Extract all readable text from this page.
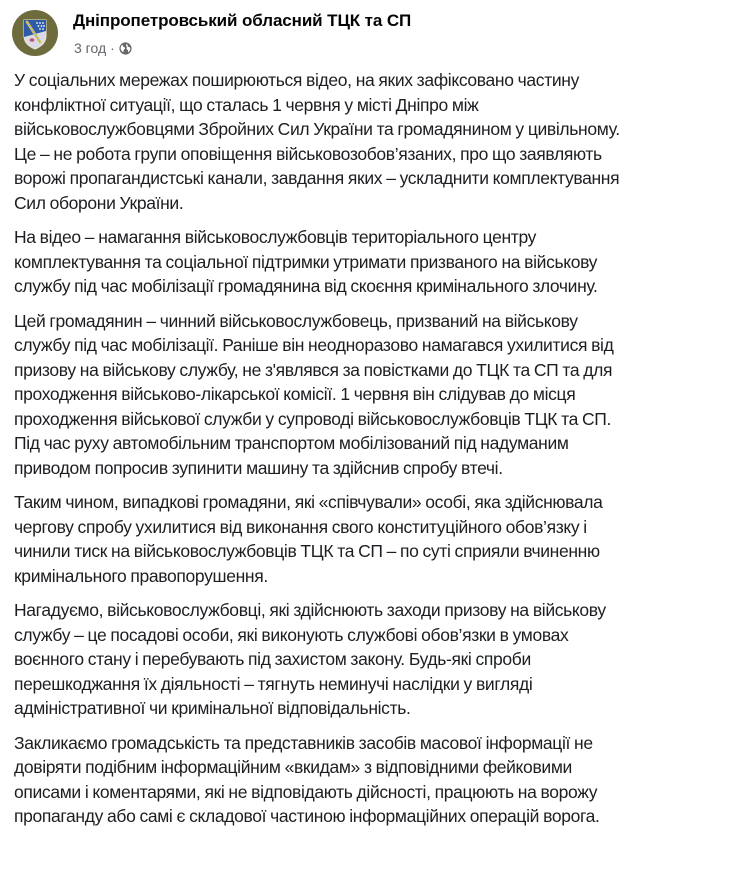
Дніпропетровський обласний ТЦК та СП
3 год ·
У соціальних мережах поширюються відео, на яких зафіксовано частину
конфліктної ситуації, що сталась 1 червня у місті Дніпро між
військовослужбовцями Збройних Сил України та громадянином у цивільному.
Це – не робота групи оповіщення військовозобов’язаних, про що заявляють
ворожі пропагандистські канали, завдання яких – ускладнити комплектування
Сил оборони України.
На відео – намагання військовослужбовців територіального центру
комплектування та соціальної підтримки утримати призваного на військову
службу під час мобілізації громадянина від скоєння кримінального злочину.
Цей громадянин – чинний військовослужбовець, призваний на військову
службу під час мобілізації. Раніше він неодноразово намагався ухилитися від
призову на військову службу, не з'являвся за повістками до ТЦК та СП та для
проходження військово-лікарської комісії. 1 червня він слідував до місця
проходження військової служби у супроводі військовослужбовців ТЦК та СП.
Під час руху автомобільним транспортом мобілізований під надуманим
приводом попросив зупинити машину та здійснив спробу втечі.
Таким чином, випадкові громадяни, які «співчували» особі, яка здійснювала
чергову спробу ухилитися від виконання свого конституційного обов’язку і
чинили тиск на військовослужбовців ТЦК та СП – по суті сприяли вчиненню
кримінального правопорушення.
Нагадуємо, військовослужбовці, які здійснюють заходи призову на військову
службу – це посадові особи, які виконують службові обов’язки в умовах
воєнного стану і перебувають під захистом закону. Будь-які спроби
перешкоджання їх діяльності – тягнуть неминучі наслідки у вигляді
адміністративної чи кримінальної відповідальність.
Закликаємо громадськість та представників засобів масової інформації не
довіряти подібним інформаційним «вкидам» з відповідними фейковими
описами і коментарями, які не відповідають дійсності, працюють на ворожу
пропаганду або самі є складової частиною інформаційних операцій ворога.
